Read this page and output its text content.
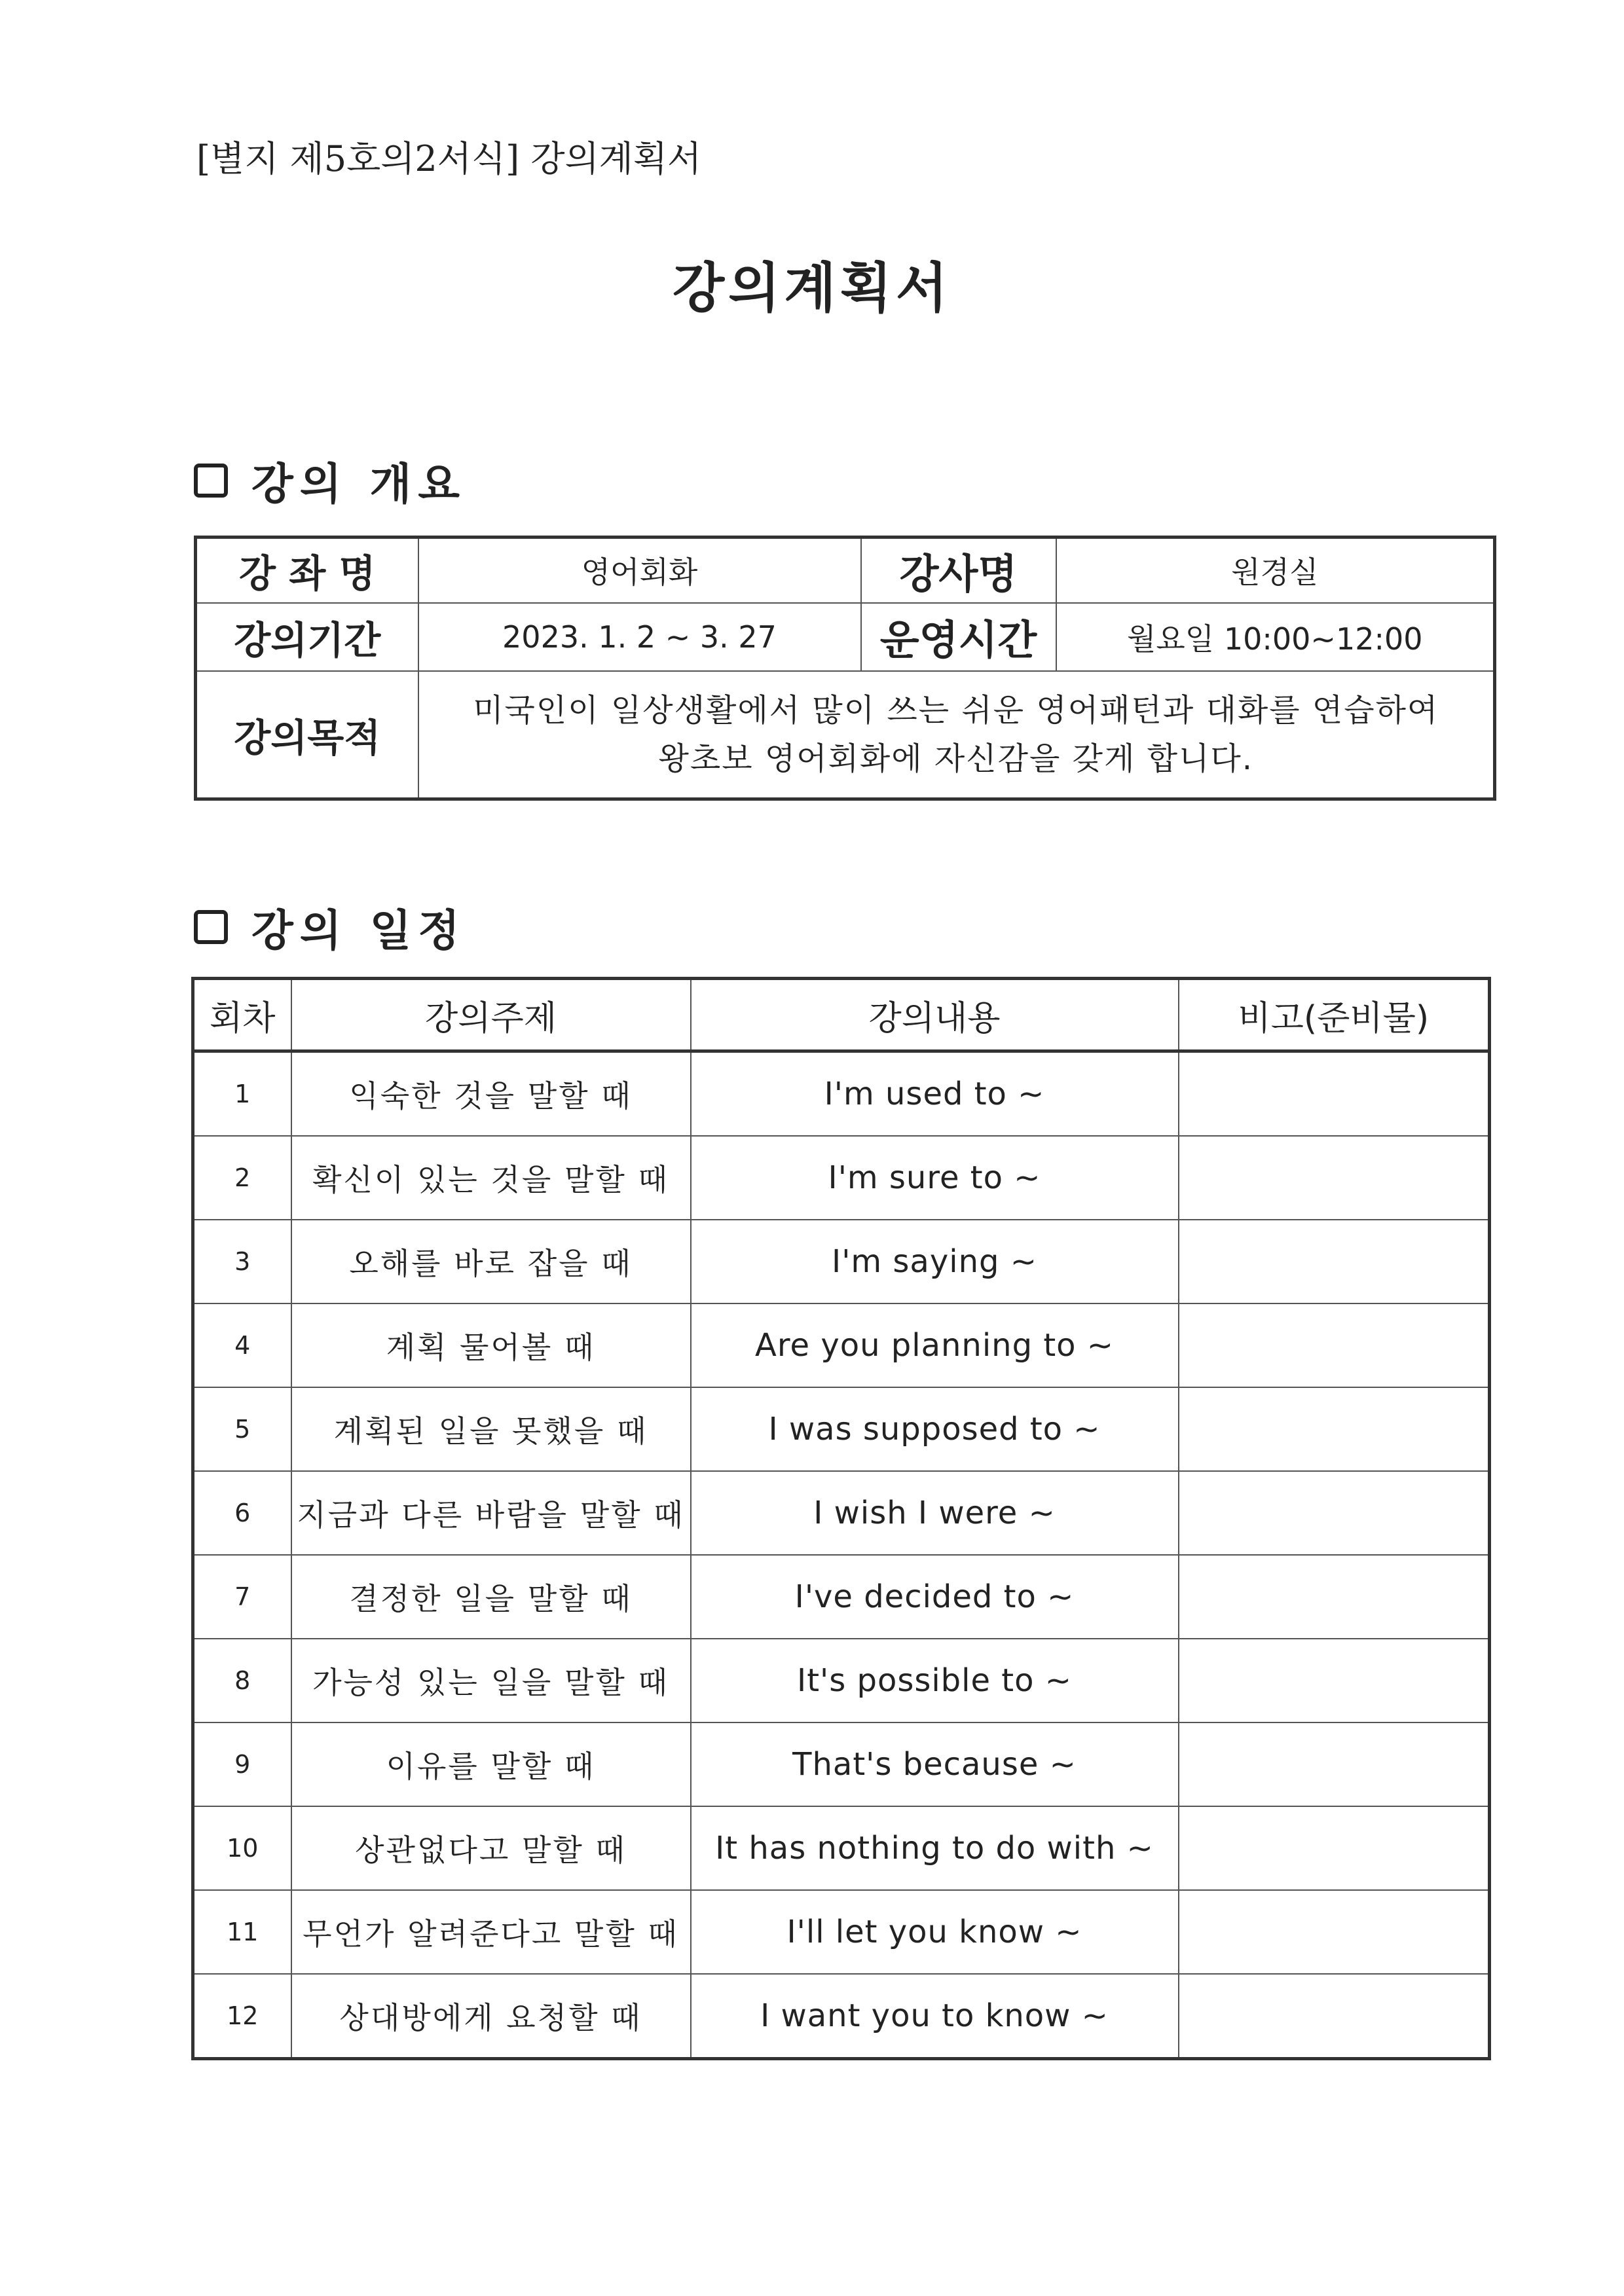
[별지 제5호의2서식] 강의계획서
강의계획서
강의 개요
강 좌 명	영어회화	강사명	원경실
강의기간	2023. 1. 2 ~ 3. 27	운영시간	월요일 10:00~12:00
강의목적	미국인이 일상생활에서 많이 쓰는 쉬운 영어패턴과 대화를 연습하여
왕초보 영어회화에 자신감을 갖게 합니다.		
강의 일정
회차	강의주제	강의내용	비고(준비물)
1	익숙한 것을 말할 때	I'm used to ~	
2	확신이 있는 것을 말할 때	I'm sure to ~	
3	오해를 바로 잡을 때	I'm saying ~	
4	계획 물어볼 때	Are you planning to ~	
5	계획된 일을 못했을 때	I was supposed to ~	
6	지금과 다른 바람을 말할 때	I wish I were ~	
7	결정한 일을 말할 때	I've decided to ~	
8	가능성 있는 일을 말할 때	It's possible to ~	
9	이유를 말할 때	That's because ~	
10	상관없다고 말할 때	It has nothing to do with ~	
11	무언가 알려준다고 말할 때	I'll let you know ~	
12	상대방에게 요청할 때	I want you to know ~	
